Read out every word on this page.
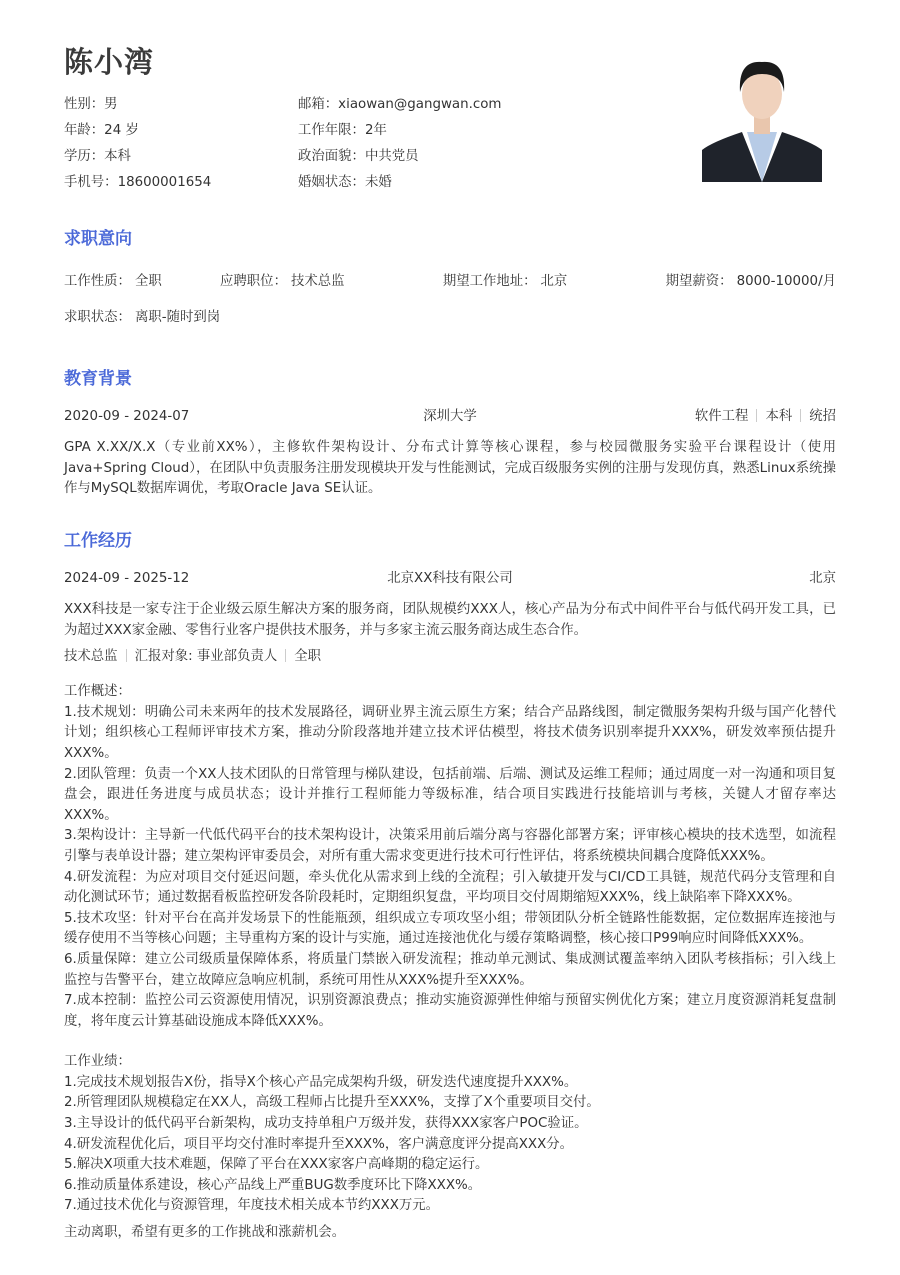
陈小湾
性别：男	邮箱：xiaowan@gangwan.com
年龄：24 岁	工作年限：2年
学历：本科	政治面貌：中共党员
手机号：18600001654	婚姻状态：未婚
求职意向
工作性质： 全职	应聘职位： 技术总监	期望工作地址： 北京	期望薪资： 8000-10000/月
求职状态： 离职-随时到岗
教育背景
2020-09 - 2024-07	深圳大学	软件工程 本科 统招
GPA X.XX/X.X（专业前XX%），主修软件架构设计、分布式计算等核心课程，参与校园微服务实验平台课程设计（使用Java+Spring Cloud），在团队中负责服务注册发现模块开发与性能测试，完成百级服务实例的注册与发现仿真，熟悉Linux系统操作与MySQL数据库调优，考取Oracle Java SE认证。
工作经历
2024-09 - 2025-12	北京XX科技有限公司	北京
XXX科技是一家专注于企业级云原生解决方案的服务商，团队规模约XXX人，核心产品为分布式中间件平台与低代码开发工具，已为超过XXX家金融、零售行业客户提供技术服务，并与多家主流云服务商达成生态合作。
技术总监 汇报对象: 事业部负责人 全职
工作概述：
1.技术规划：明确公司未来两年的技术发展路径，调研业界主流云原生方案；结合产品路线图，制定微服务架构升级与国产化替代计划；组织核心工程师评审技术方案，推动分阶段落地并建立技术评估模型，将技术债务识别率提升XXX%，研发效率预估提升XXX%。
2.团队管理：负责一个XX人技术团队的日常管理与梯队建设，包括前端、后端、测试及运维工程师；通过周度一对一沟通和项目复盘会，跟进任务进度与成员状态；设计并推行工程师能力等级标准，结合项目实践进行技能培训与考核，关键人才留存率达XXX%。
3.架构设计：主导新一代低代码平台的技术架构设计，决策采用前后端分离与容器化部署方案；评审核心模块的技术选型，如流程引擎与表单设计器；建立架构评审委员会，对所有重大需求变更进行技术可行性评估，将系统模块间耦合度降低XXX%。
4.研发流程：为应对项目交付延迟问题，牵头优化从需求到上线的全流程；引入敏捷开发与CI/CD工具链，规范代码分支管理和自动化测试环节；通过数据看板监控研发各阶段耗时，定期组织复盘，平均项目交付周期缩短XXX%，线上缺陷率下降XXX%。
5.技术攻坚：针对平台在高并发场景下的性能瓶颈，组织成立专项攻坚小组；带领团队分析全链路性能数据，定位数据库连接池与缓存使用不当等核心问题；主导重构方案的设计与实施，通过连接池优化与缓存策略调整，核心接口P99响应时间降低XXX%。
6.质量保障：建立公司级质量保障体系，将质量门禁嵌入研发流程；推动单元测试、集成测试覆盖率纳入团队考核指标；引入线上监控与告警平台，建立故障应急响应机制，系统可用性从XXX%提升至XXX%。
7.成本控制：监控公司云资源使用情况，识别资源浪费点；推动实施资源弹性伸缩与预留实例优化方案；建立月度资源消耗复盘制度，将年度云计算基础设施成本降低XXX%。
工作业绩：
1.完成技术规划报告X份，指导X个核心产品完成架构升级，研发迭代速度提升XXX%。
2.所管理团队规模稳定在XX人，高级工程师占比提升至XXX%，支撑了X个重要项目交付。
3.主导设计的低代码平台新架构，成功支持单租户万级并发，获得XXX家客户POC验证。
4.研发流程优化后，项目平均交付准时率提升至XXX%，客户满意度评分提高XXX分。
5.解决X项重大技术难题，保障了平台在XXX家客户高峰期的稳定运行。
6.推动质量体系建设，核心产品线上严重BUG数季度环比下降XXX%。
7.通过技术优化与资源管理，年度技术相关成本节约XXX万元。
主动离职，希望有更多的工作挑战和涨薪机会。
